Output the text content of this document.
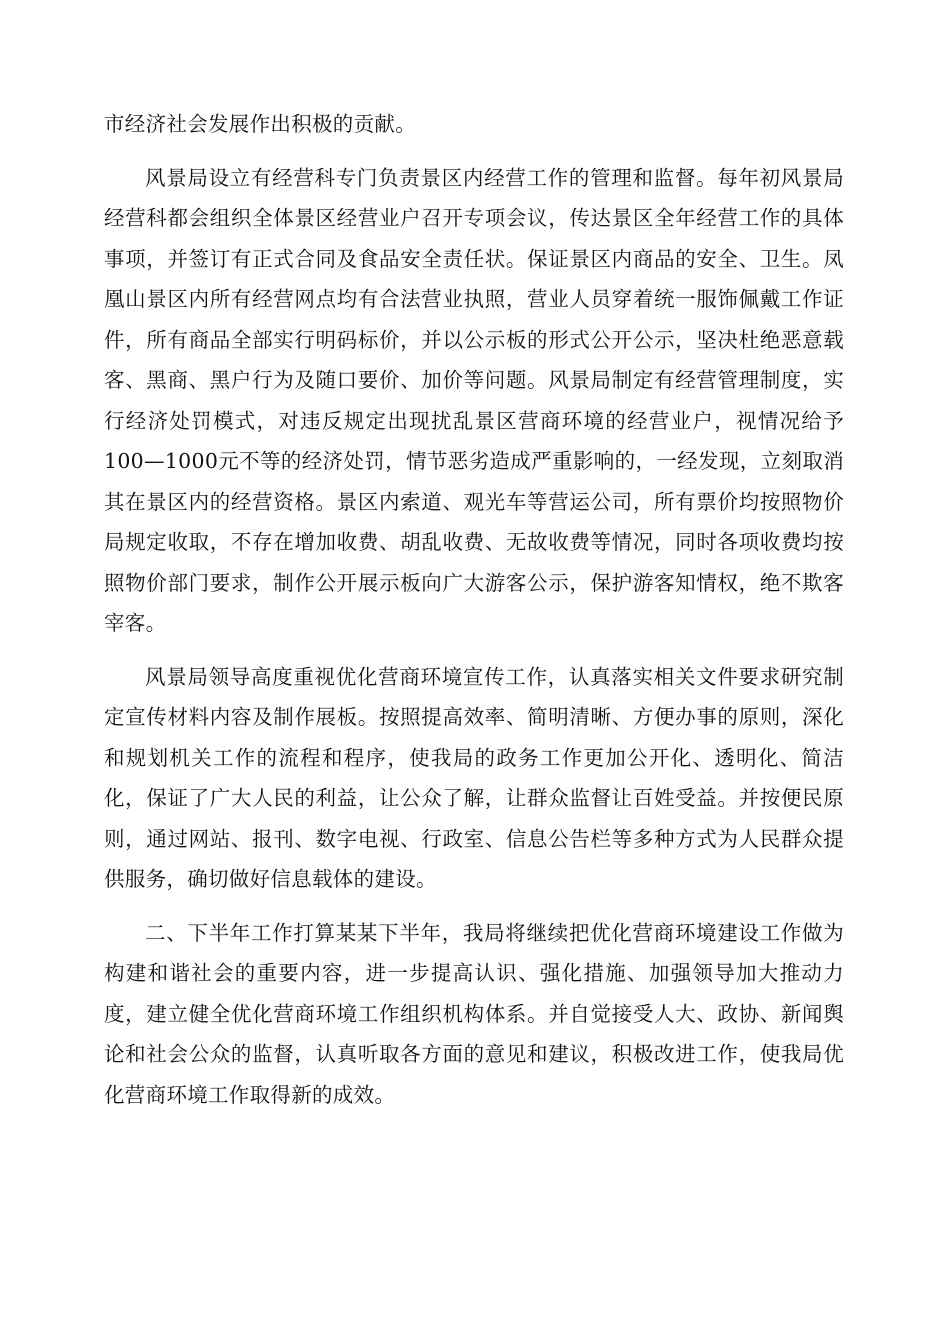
市经济社会发展作出积极的贡献。

风景局设立有经营科专门负责景区内经营工作的管理和监督。每年初风景局经营科都会组织全体景区经营业户召开专项会议，传达景区全年经营工作的具体事项，并签订有正式合同及食品安全责任状。保证景区内商品的安全、卫生。凤凰山景区内所有经营网点均有合法营业执照，营业人员穿着统一服饰佩戴工作证件，所有商品全部实行明码标价，并以公示板的形式公开公示，坚决杜绝恶意载客、黑商、黑户行为及随口要价、加价等问题。风景局制定有经营管理制度，实行经济处罚模式，对违反规定出现扰乱景区营商环境的经营业户，视情况给予100—1000元不等的经济处罚，情节恶劣造成严重影响的，一经发现，立刻取消其在景区内的经营资格。景区内索道、观光车等营运公司，所有票价均按照物价局规定收取，不存在增加收费、胡乱收费、无故收费等情况，同时各项收费均按照物价部门要求，制作公开展示板向广大游客公示，保护游客知情权，绝不欺客宰客。

风景局领导高度重视优化营商环境宣传工作，认真落实相关文件要求研究制定宣传材料内容及制作展板。按照提高效率、简明清晰、方便办事的原则，深化和规划机关工作的流程和程序，使我局的政务工作更加公开化、透明化、简洁化，保证了广大人民的利益，让公众了解，让群众监督让百姓受益。并按便民原则，通过网站、报刊、数字电视、行政室、信息公告栏等多种方式为人民群众提供服务，确切做好信息载体的建设。

二、下半年工作打算某某下半年，我局将继续把优化营商环境建设工作做为构建和谐社会的重要内容，进一步提高认识、强化措施、加强领导加大推动力度，建立健全优化营商环境工作组织机构体系。并自觉接受人大、政协、新闻舆论和社会公众的监督，认真听取各方面的意见和建议，积极改进工作，使我局优化营商环境工作取得新的成效。
